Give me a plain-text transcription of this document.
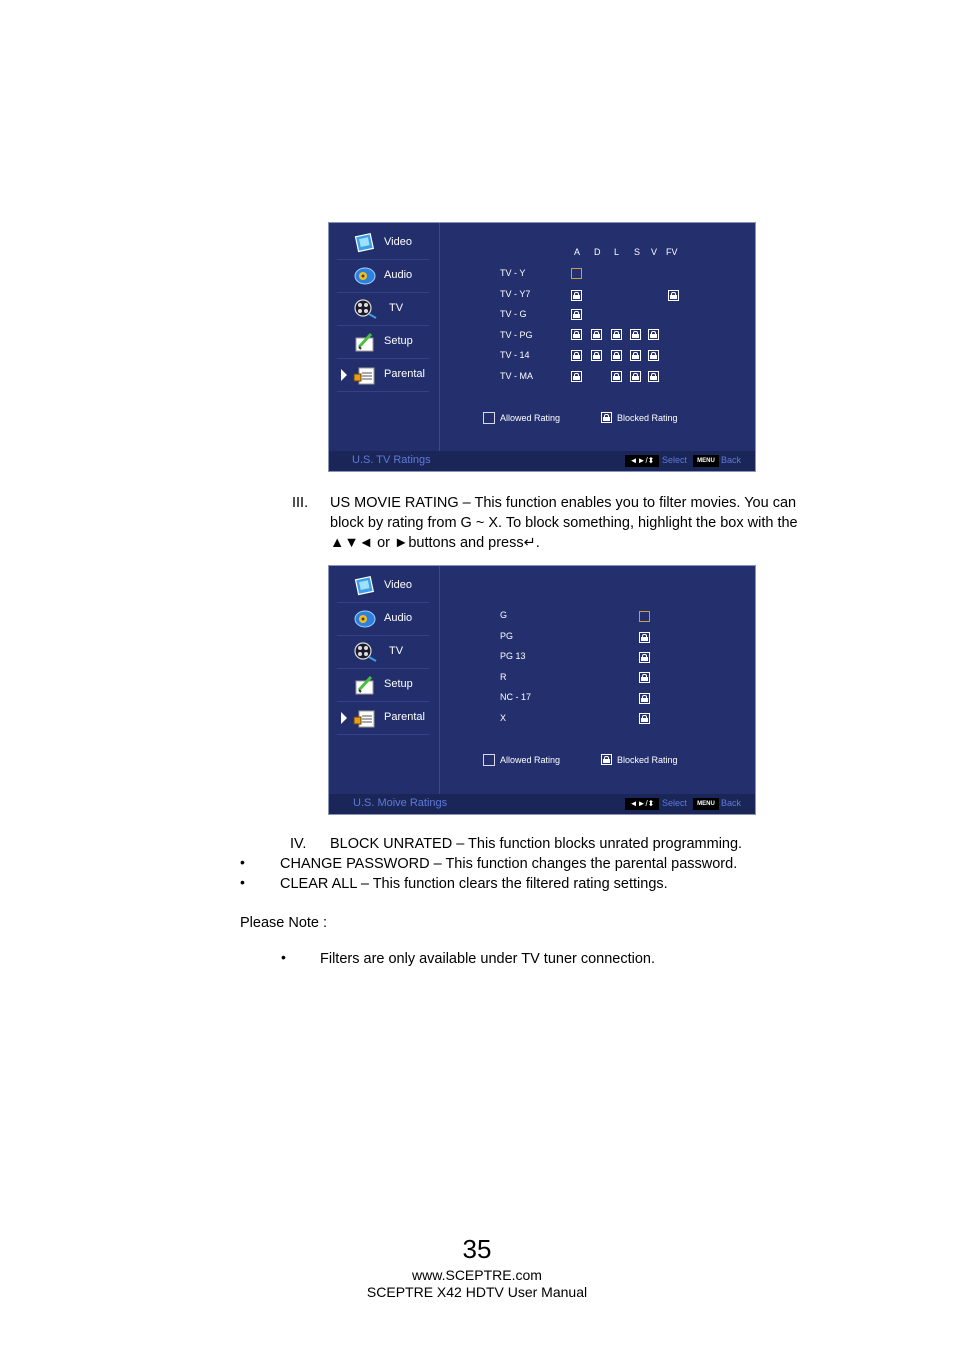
Video
Audio
TV
Setup
Parental
A D L S V FV
TV - Y
TV - Y7
TV - G
TV - PG
TV - 14
TV - MA
Allowed Rating	Blocked Rating
U.S. TV Ratings	◄►/⬍ Select	MENU Back
III. US MOVIE RATING – This function enables you to filter movies. You can
block by rating from G ~ X. To block something, highlight the box with the
▲▼◄ or ►buttons and press↵.
Video
Audio
TV
Setup
Parental
G
PG
PG 13
R
NC - 17
X
Allowed Rating	Blocked Rating
U.S. Moive Ratings	◄►/⬍ Select	MENU Back
IV. BLOCK UNRATED – This function blocks unrated programming.
• CHANGE PASSWORD – This function changes the parental password.
• CLEAR ALL – This function clears the filtered rating settings.
Please Note :
• Filters are only available under TV tuner connection.
35
www.SCEPTRE.com
SCEPTRE X42 HDTV User Manual
